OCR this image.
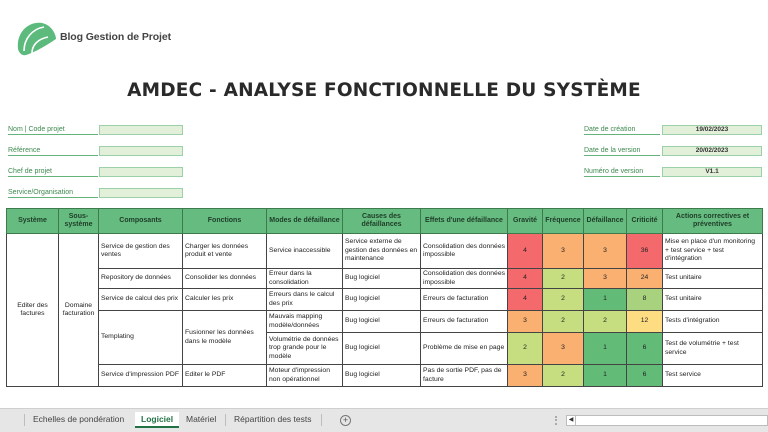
Blog Gestion de Projet
AMDEC - ANALYSE FONCTIONNELLE DU SYSTÈME
Nom | Code projet
Référence
Chef de projet
Service/Organisation
Date de création	19/02/2023
Date de la version	20/02/2023
Numéro de version	V1.1
Système	Sous-système	Composants	Fonctions	Modes de défaillance	Causes des défaillances	Effets d'une défaillance	Gravité	Fréquence	Défaillance	Criticité	Actions correctives et préventives
Editer des factures	Domaine facturation	Service de gestion des ventes	Charger les données produit et vente	Service inaccessible	Service externe de gestion des données en maintenance	Consolidation des données impossible	4	3	3	36	Mise en place d'un monitoring + test service + test d'intégration
		Repository de données	Consolider les données	Erreur dans la consolidation	Bug logiciel	Consolidation des données impossible	4	2	3	24	Test unitaire
		Service de calcul des prix	Calculer les prix	Erreurs dans le calcul des prix	Bug logiciel	Erreurs de facturation	4	2	1	8	Test unitaire
		Templating	Fusionner les données dans le modèle	Mauvais mapping modèle/données	Bug logiciel	Erreurs de facturation	3	2	2	12	Tests d'intégration
				Volumétrie de données trop grande pour le modèle	Bug logiciel	Problème de mise en page	2	3	1	6	Test de volumétrie + test service
		Service d'impression PDF	Editer le PDF	Moteur d'impression non opérationnel	Bug logiciel	Pas de sortie PDF, pas de facture	3	2	1	6	Test service
Echelles de pondération	Logiciel	Matériel	Répartition des tests	+	◀
